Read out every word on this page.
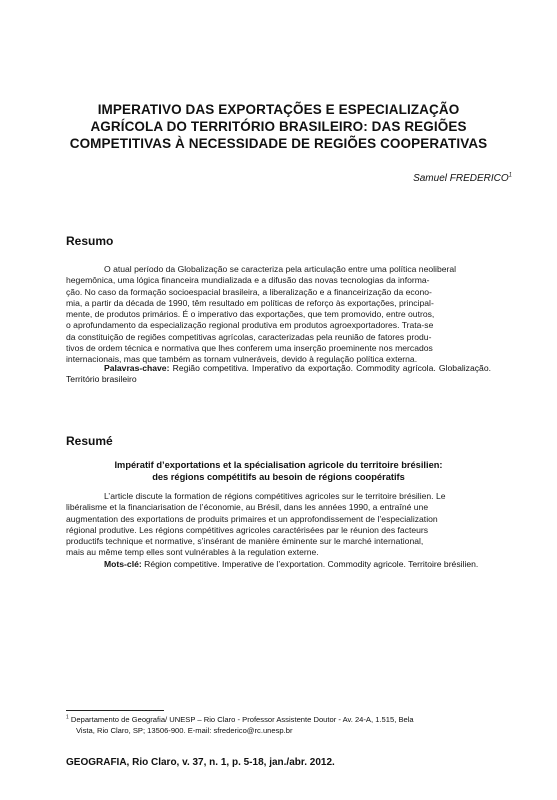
IMPERATIVO DAS EXPORTAÇÕES E ESPECIALIZAÇÃO
AGRÍCOLA DO TERRITÓRIO BRASILEIRO: DAS REGIÕES
COMPETITIVAS À NECESSIDADE DE REGIÕES COOPERATIVAS
Samuel FREDERICO$^1$
Resumo

O atual período da Globalização se caracteriza pela articulação entre uma política neoliberal

hegemônica, uma lógica financeira mundializada e a difusão das novas tecnologias da informa-
ção. No caso da formação socioespacial brasileira, a liberalização e a financeirização da econo-
mia, a partir da década de 1990, têm resultado em políticas de reforço às exportações, principal-
mente, de produtos primários. É o imperativo das exportações, que tem promovido, entre outros,
o aprofundamento da especialização regional produtiva em produtos agroexportadores. Trata-se
da constituição de regiões competitivas agrícolas, caracterizadas pela reunião de fatores produ-
tivos de ordem técnica e normativa que lhes conferem uma inserção proeminente nos mercados
internacionais, mas que também as tornam vulneráveis, devido à regulação política externa.
Palavras-chave: Região competitiva. Imperativo da exportação. Commodity agrícola. Globalização. Território brasileiro
Resumé
Impératif d’exportations et la spécialisation agricole du territoire brésilien:
des régions compétitifs au besoin de régions coopératifs

L’article discute la formation de régions compétitives agricoles sur le territoire brésilien. Le

libéralisme et la financiarisation de l’économie, au Brésil, dans les années 1990, a entraîné une
augmentation des exportations de produits primaires et un approfondissement de l’especialization
régional produtive. Les régions compétitives agricoles caractérisées par le réunion des facteurs
productifs technique et normative, s’insérant de manière éminente sur le marché international,
mais au même temp elles sont vulnérables à la regulation externe.
Mots-clé: Région competitive. Imperative de l’exportation. Commodity agricole. Territoire brésilien.
$^1$ Departamento de Geografia/ UNESP – Rio Claro - Professor Assistente Doutor - Av. 24-A, 1.515, Bela
Vista, Rio Claro, SP; 13506-900. E-mail: sfrederico@rc.unesp.br
GEOGRAFIA, Rio Claro, v. 37, n. 1, p. 5-18, jan./abr. 2012.
